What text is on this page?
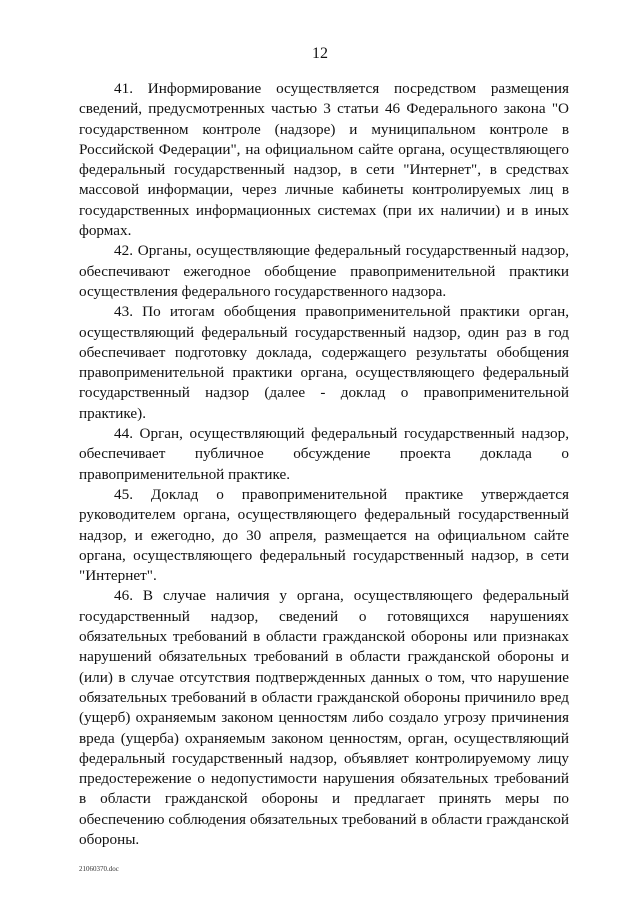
12

41. Информирование осуществляется посредством размещения сведений, предусмотренных частью 3 статьи 46 Федерального закона "О государственном контроле (надзоре) и муниципальном контроле в Российской Федерации", на официальном сайте органа, осуществляющего федеральный государственный надзор, в сети "Интернет", в средствах массовой информации, через личные кабинеты контролируемых лиц в государственных информационных системах (при их наличии) и в иных формах.

42. Органы, осуществляющие федеральный государственный надзор, обеспечивают ежегодное обобщение правоприменительной практики осуществления федерального государственного надзора.

43. По итогам обобщения правоприменительной практики орган, осуществляющий федеральный государственный надзор, один раз в год обеспечивает подготовку доклада, содержащего результаты обобщения правоприменительной практики органа, осуществляющего федеральный государственный надзор (далее - доклад о правоприменительной практике).

44. Орган, осуществляющий федеральный государственный надзор, обеспечивает публичное обсуждение проекта доклада о правоприменительной практике.

45. Доклад о правоприменительной практике утверждается руководителем органа, осуществляющего федеральный государственный надзор, и ежегодно, до 30 апреля, размещается на официальном сайте органа, осуществляющего федеральный государственный надзор, в сети "Интернет".

46. В случае наличия у органа, осуществляющего федеральный государственный надзор, сведений о готовящихся нарушениях обязательных требований в области гражданской обороны или признаках нарушений обязательных требований в области гражданской обороны и (или) в случае отсутствия подтвержденных данных о том, что нарушение обязательных требований в области гражданской обороны причинило вред (ущерб) охраняемым законом ценностям либо создало угрозу причинения вреда (ущерба) охраняемым законом ценностям, орган, осуществляющий федеральный государственный надзор, объявляет контролируемому лицу предостережение о недопустимости нарушения обязательных требований в области гражданской обороны и предлагает принять меры по обеспечению соблюдения обязательных требований в области гражданской обороны.

21060370.doc
